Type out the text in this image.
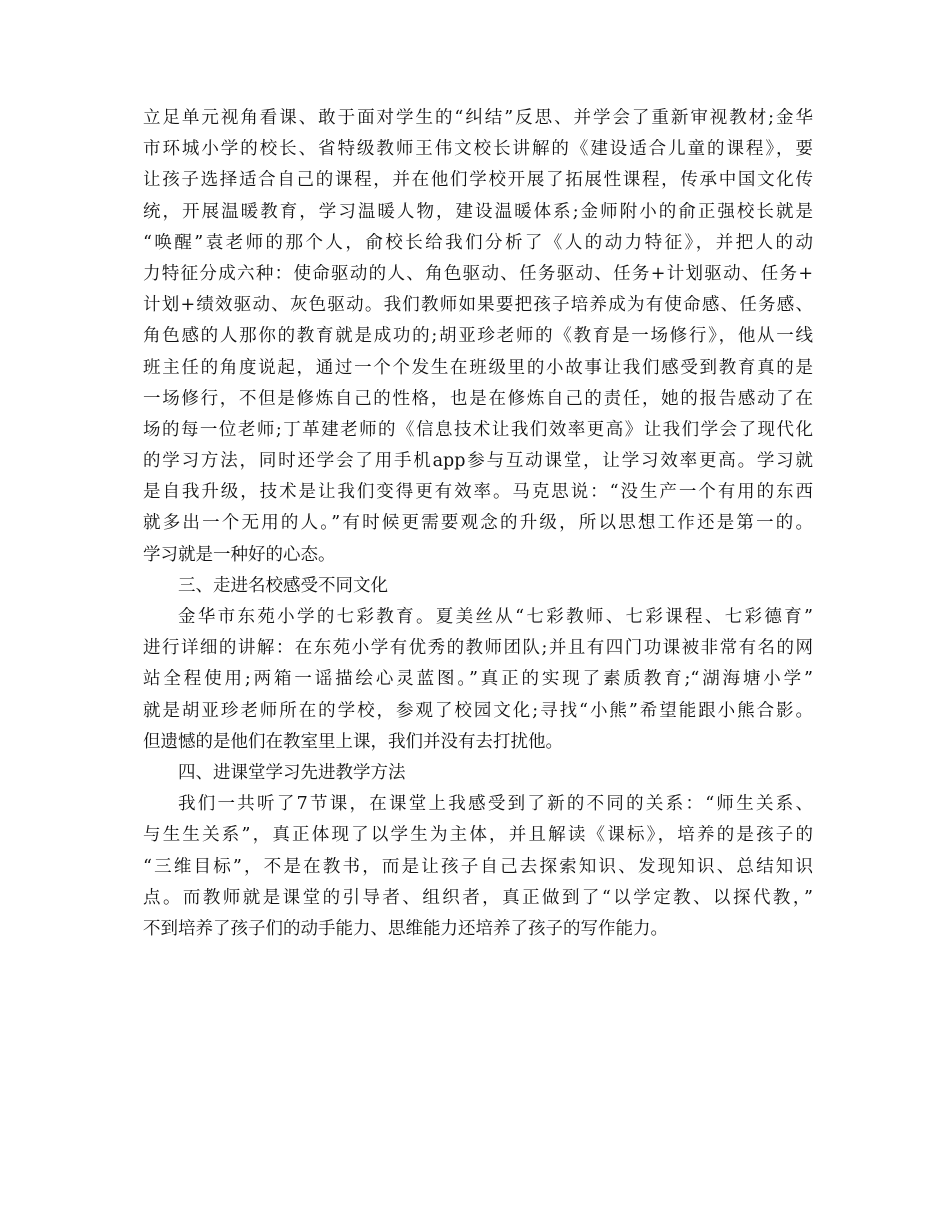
立足单元视角看课、敢于面对学生的“纠结”反思、并学会了重新审视教材;金华
市环城小学的校长、省特级教师王伟文校长讲解的《建设适合儿童的课程》，要
让孩子选择适合自己的课程，并在他们学校开展了拓展性课程，传承中国文化传
统，开展温暖教育，学习温暖人物，建设温暖体系;金师附小的俞正强校长就是
“唤醒”袁老师的那个人，俞校长给我们分析了《人的动力特征》，并把人的动
力特征分成六种：使命驱动的人、角色驱动、任务驱动、任务+计划驱动、任务+
计划+绩效驱动、灰色驱动。我们教师如果要把孩子培养成为有使命感、任务感、
角色感的人那你的教育就是成功的;胡亚珍老师的《教育是一场修行》，他从一线
班主任的角度说起，通过一个个发生在班级里的小故事让我们感受到教育真的是
一场修行，不但是修炼自己的性格，也是在修炼自己的责任，她的报告感动了在
场的每一位老师;丁革建老师的《信息技术让我们效率更高》让我们学会了现代化
的学习方法，同时还学会了用手机app参与互动课堂，让学习效率更高。学习就
是自我升级，技术是让我们变得更有效率。马克思说：“没生产一个有用的东西
就多出一个无用的人。”有时候更需要观念的升级，所以思想工作还是第一的。
学习就是一种好的心态。
三、走进名校感受不同文化
金华市东苑小学的七彩教育。夏美丝从“七彩教师、七彩课程、七彩德育”
进行详细的讲解：在东苑小学有优秀的教师团队;并且有四门功课被非常有名的网
站全程使用;两箱一谣描绘心灵蓝图。”真正的实现了素质教育;“湖海塘小学”
就是胡亚珍老师所在的学校，参观了校园文化;寻找“小熊”希望能跟小熊合影。
但遗憾的是他们在教室里上课，我们并没有去打扰他。
四、进课堂学习先进教学方法
我们一共听了7节课，在课堂上我感受到了新的不同的关系：“师生关系、
与生生关系”，真正体现了以学生为主体，并且解读《课标》，培养的是孩子的
“三维目标”，不是在教书，而是让孩子自己去探索知识、发现知识、总结知识
点。而教师就是课堂的引导者、组织者，真正做到了“以学定教、以探代教，”
不到培养了孩子们的动手能力、思维能力还培养了孩子的写作能力。
